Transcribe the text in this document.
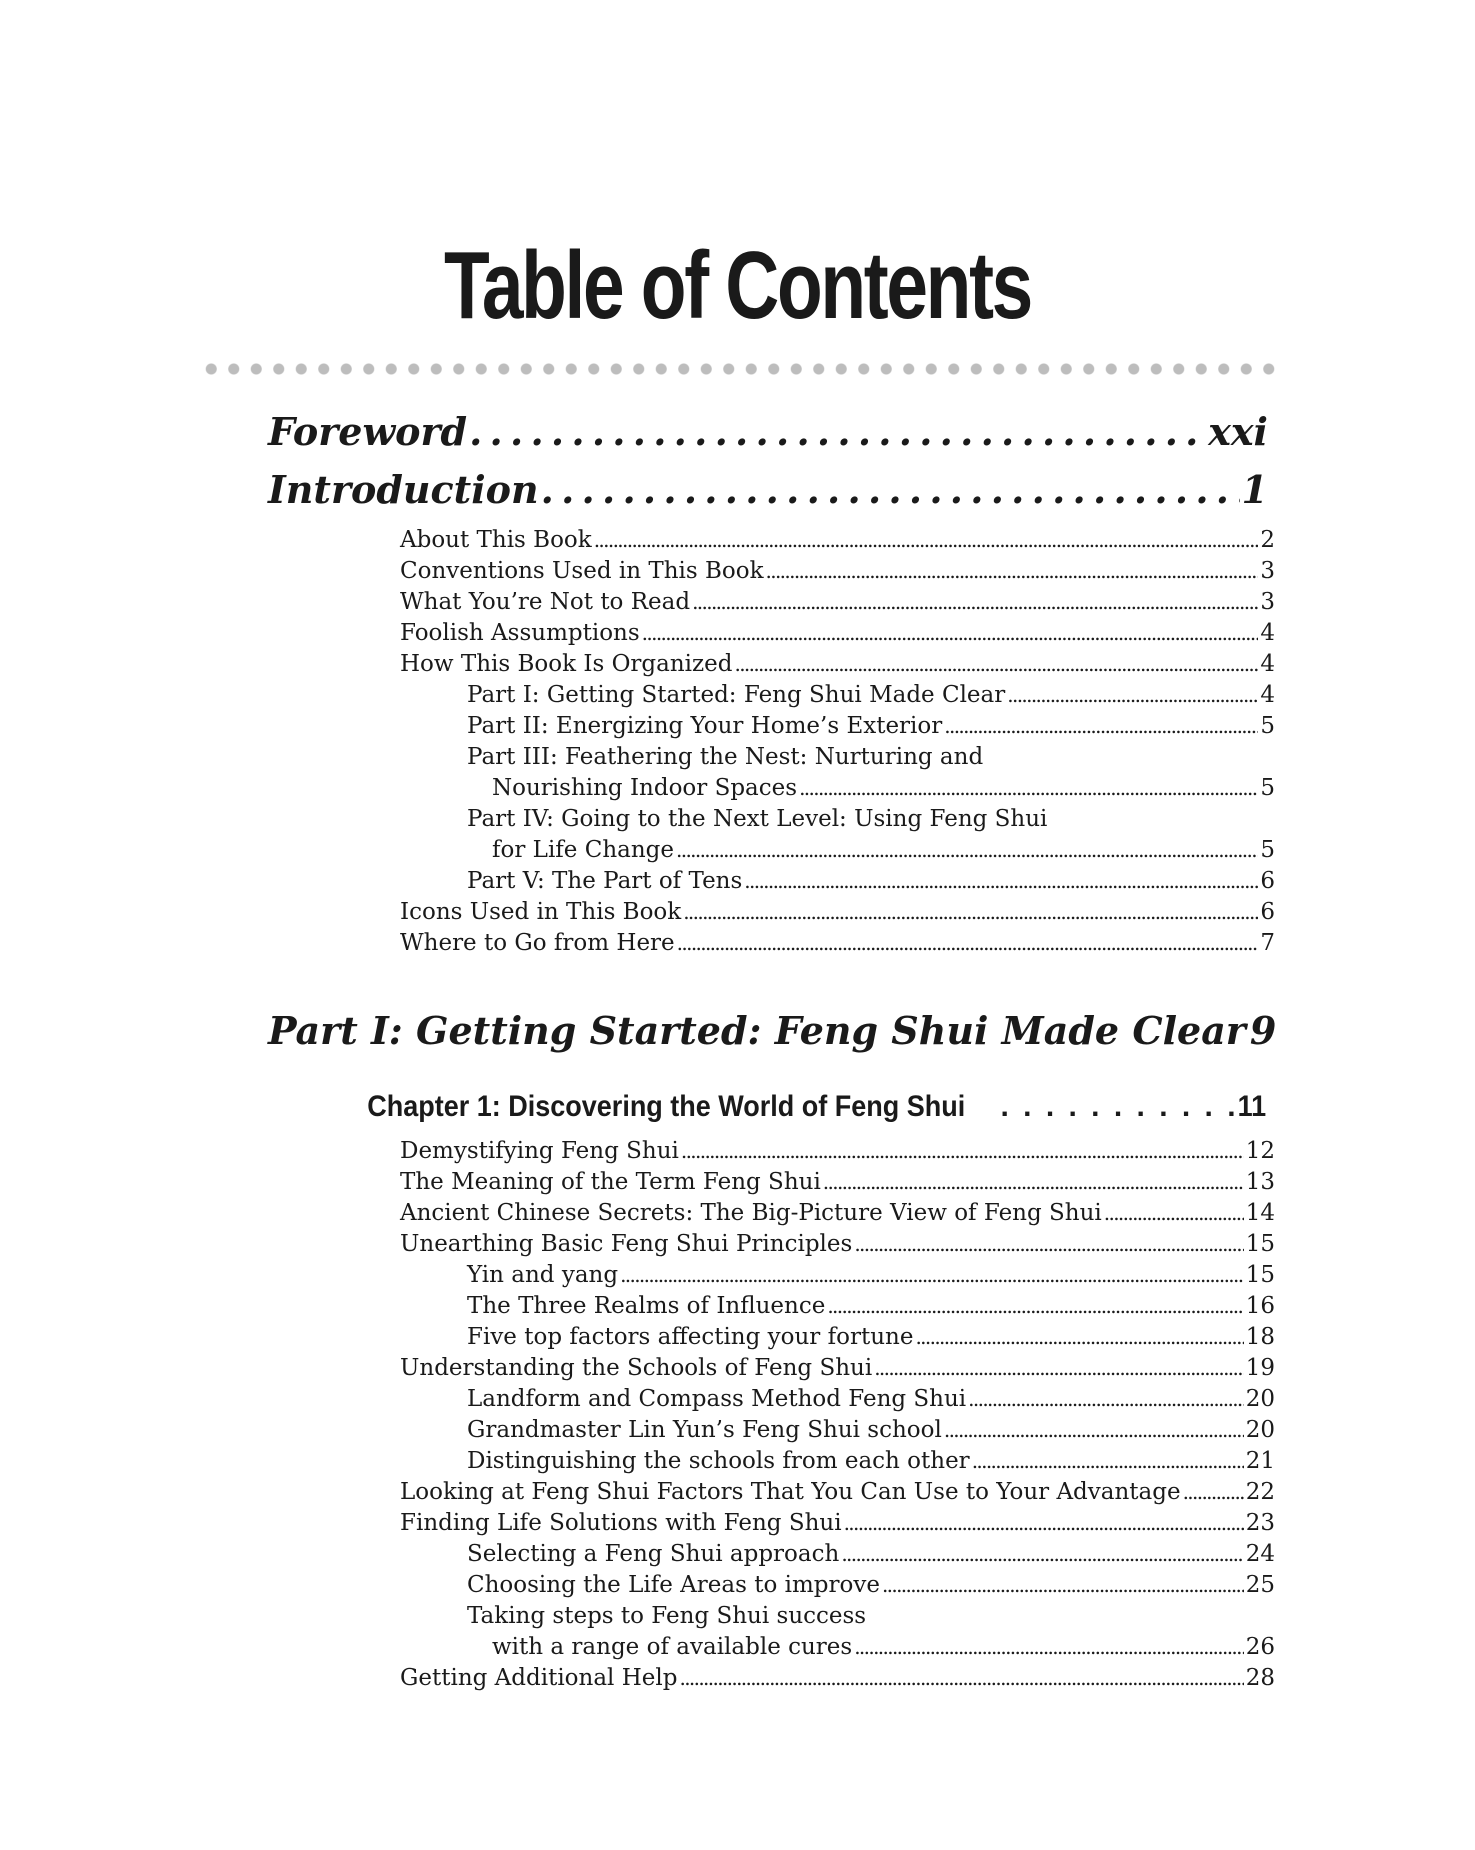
Table of Contents
Foreword . . .	xxi
Introduction . . .	1
About This Book . . .	2
Conventions Used in This Book . . .	3
What You’re Not to Read . . .	3
Foolish Assumptions . . .	4
How This Book Is Organized . . .	4
Part I: Getting Started: Feng Shui Made Clear . . .	4
Part II: Energizing Your Home’s Exterior . . .	5
Part III: Feathering the Nest: Nurturing and
Nourishing Indoor Spaces . . .	5
Part IV: Going to the Next Level: Using Feng Shui
for Life Change . . .	5
Part V: The Part of Tens . . .	6
Icons Used in This Book . . .	6
Where to Go from Here . . .	7
Part I: Getting Started: Feng Shui Made Clear 9
Chapter 1: Discovering the World of Feng Shui . . .	11
Demystifying Feng Shui . . .	12
The Meaning of the Term Feng Shui . . .	13
Ancient Chinese Secrets: The Big-Picture View of Feng Shui . . .	14
Unearthing Basic Feng Shui Principles . . .	15
Yin and yang . . .	15
The Three Realms of Influence . . .	16
Five top factors affecting your fortune . . .	18
Understanding the Schools of Feng Shui . . .	19
Landform and Compass Method Feng Shui . . .	20
Grandmaster Lin Yun’s Feng Shui school . . .	20
Distinguishing the schools from each other . . .	21
Looking at Feng Shui Factors That You Can Use to Your Advantage . . .	22
Finding Life Solutions with Feng Shui . . .	23
Selecting a Feng Shui approach . . .	24
Choosing the Life Areas to improve . . .	25
Taking steps to Feng Shui success
with a range of available cures . . .	26
Getting Additional Help . . .	28
